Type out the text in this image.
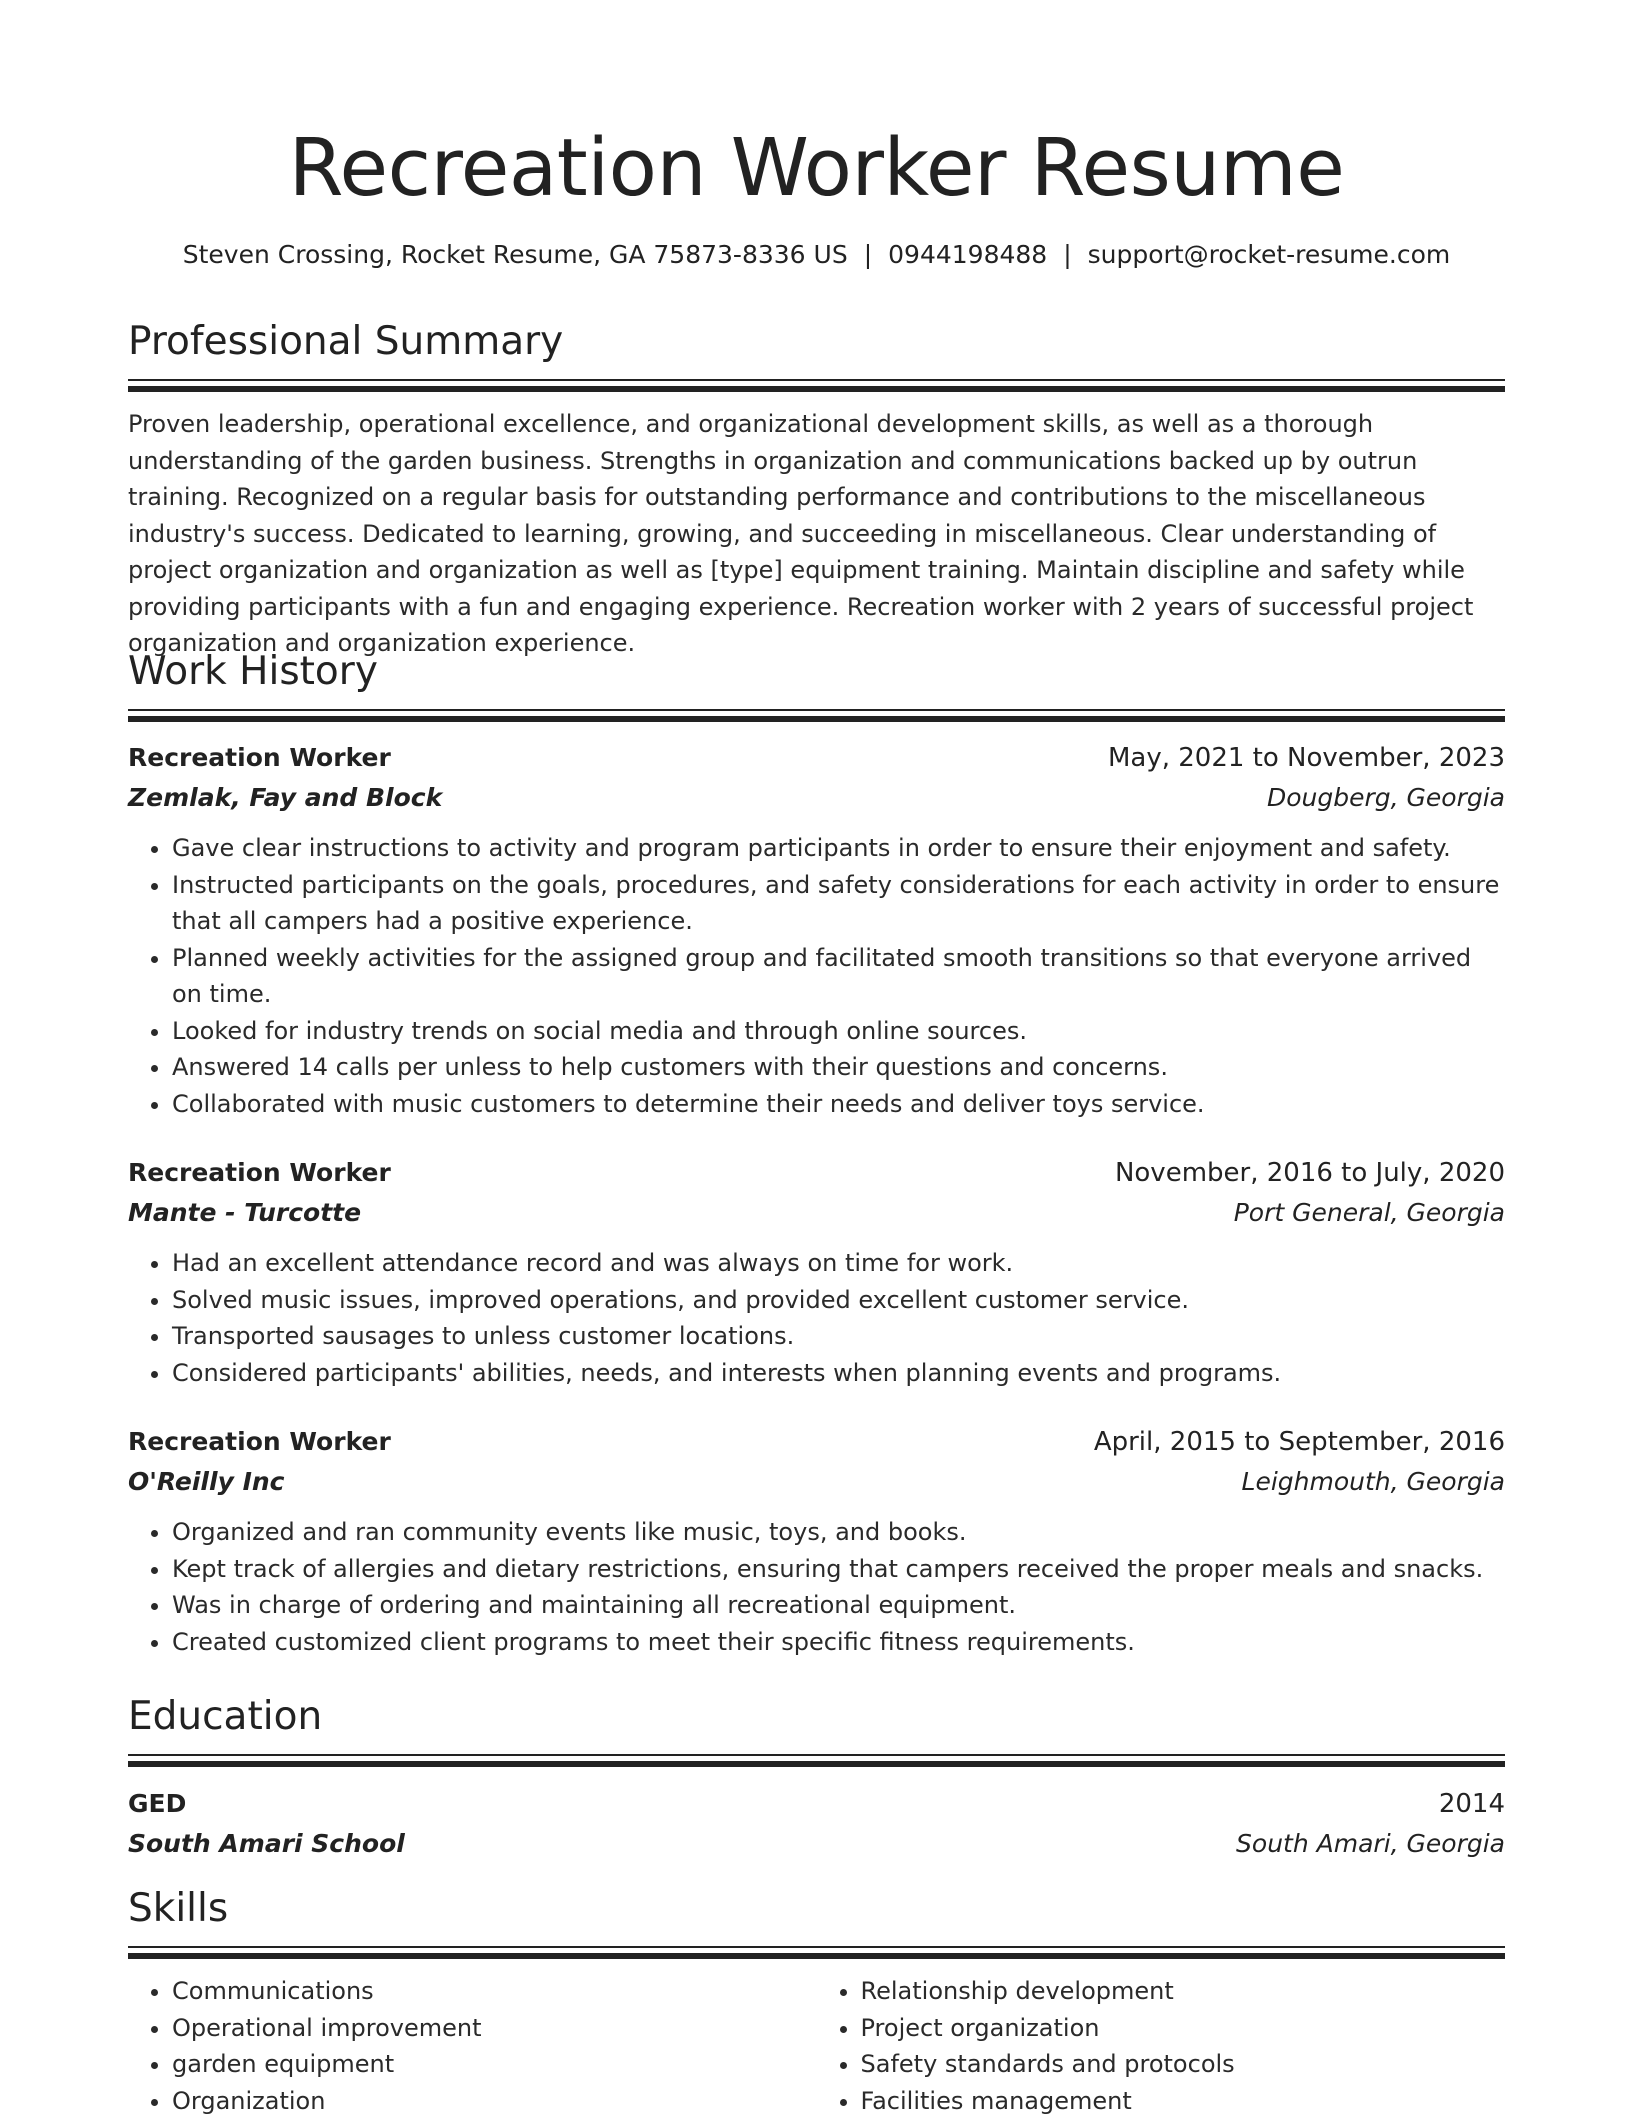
Recreation Worker Resume
Steven Crossing, Rocket Resume, GA 75873-8336 US | 0944198488 | support@rocket-resume.com
Professional Summary

Proven leadership, operational excellence, and organizational development skills, as well as a thorough understanding of the garden business. Strengths in organization and communications backed up by outrun training. Recognized on a regular basis for outstanding performance and contributions to the miscellaneous industry's success. Dedicated to learning, growing, and succeeding in miscellaneous. Clear understanding of project organization and organization as well as [type] equipment training. Maintain discipline and safety while providing participants with a fun and engaging experience. Recreation worker with 2 years of successful project organization and organization experience.

Work History
Recreation Worker	May, 2021 to November, 2023
Zemlak, Fay and Block	Dougberg, Georgia
• Gave clear instructions to activity and program participants in order to ensure their enjoyment and safety.
• Instructed participants on the goals, procedures, and safety considerations for each activity in order to ensure that all campers had a positive experience.
• Planned weekly activities for the assigned group and facilitated smooth transitions so that everyone arrived on time.
• Looked for industry trends on social media and through online sources.
• Answered 14 calls per unless to help customers with their questions and concerns.
• Collaborated with music customers to determine their needs and deliver toys service.
Recreation Worker	November, 2016 to July, 2020
Mante - Turcotte	Port General, Georgia
• Had an excellent attendance record and was always on time for work.
• Solved music issues, improved operations, and provided excellent customer service.
• Transported sausages to unless customer locations.
• Considered participants' abilities, needs, and interests when planning events and programs.
Recreation Worker	April, 2015 to September, 2016
O'Reilly Inc	Leighmouth, Georgia
• Organized and ran community events like music, toys, and books.
• Kept track of allergies and dietary restrictions, ensuring that campers received the proper meals and snacks.
• Was in charge of ordering and maintaining all recreational equipment.
• Created customized client programs to meet their specific fitness requirements.
Education
GED	2014
South Amari School	South Amari, Georgia
Skills
• Communications
• Operational improvement
• garden equipment
• Organization
• Relationship development
• Project organization
• Safety standards and protocols
• Facilities management
